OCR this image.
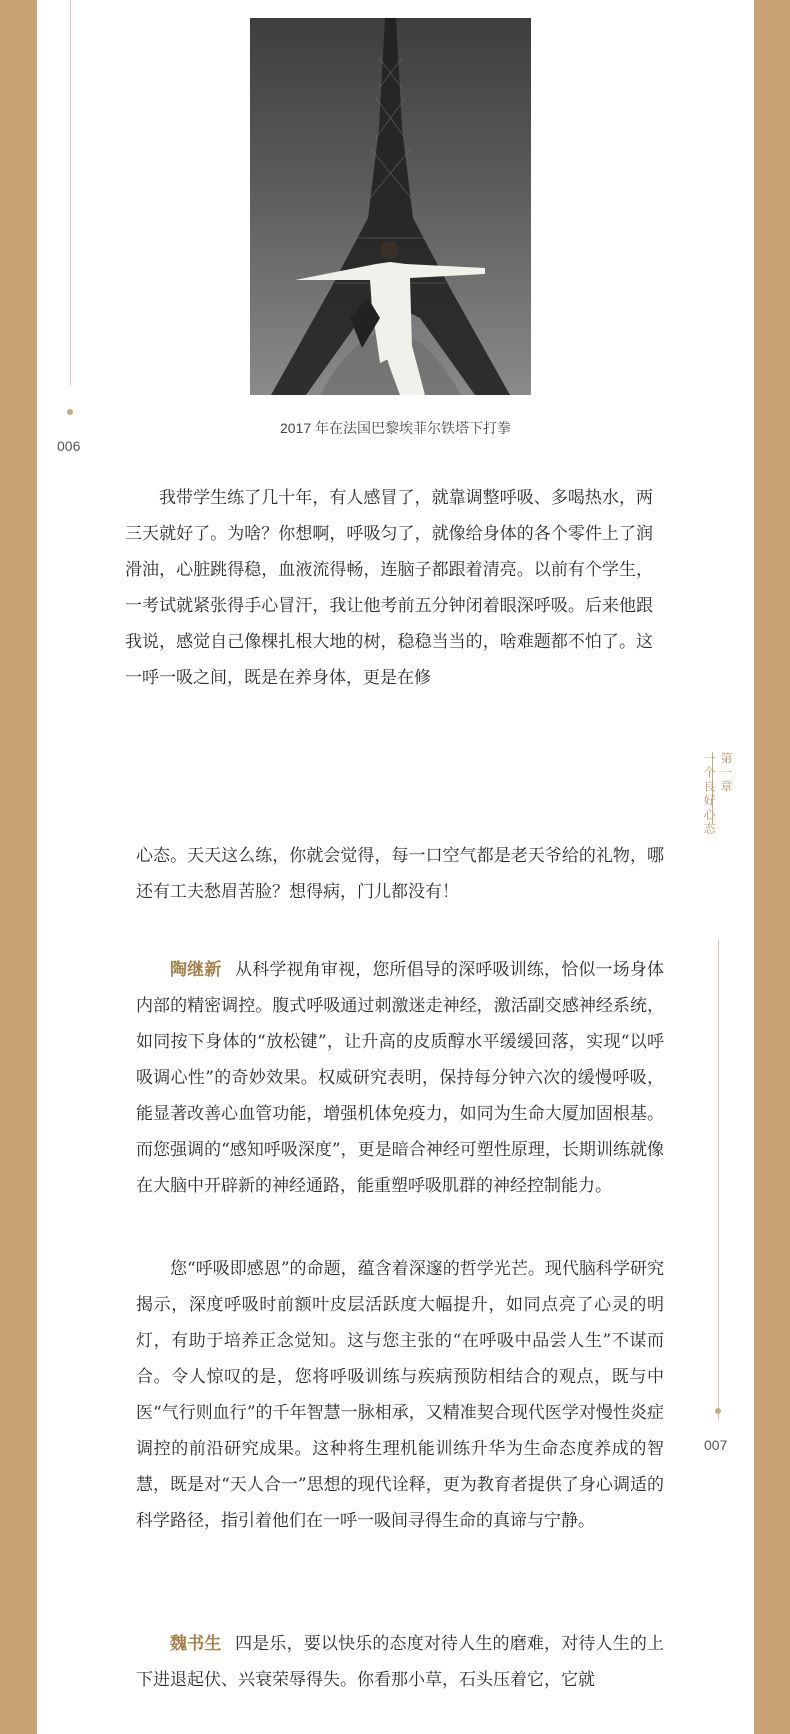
006
2017 年在法国巴黎埃菲尔铁塔下打拳

我带学生练了几十年，有人感冒了，就靠调整呼吸、多喝热水，两三天就好了。为啥？你想啊，呼吸匀了，就像给身体的各个零件上了润滑油，心脏跳得稳，血液流得畅，连脑子都跟着清亮。以前有个学生，一考试就紧张得手心冒汗，我让他考前五分钟闭着眼深呼吸。后来他跟我说，感觉自己像棵扎根大地的树，稳稳当当的，啥难题都不怕了。这一呼一吸之间，既是在养身体，更是在修

第一章
一个良好心态
007

心态。天天这么练，你就会觉得，每一口空气都是老天爷给的礼物，哪还有工夫愁眉苦脸？想得病，门儿都没有！

陶继新 从科学视角审视，您所倡导的深呼吸训练，恰似一场身体内部的精密调控。腹式呼吸通过刺激迷走神经，激活副交感神经系统，如同按下身体的“放松键”，让升高的皮质醇水平缓缓回落，实现“以呼吸调心性”的奇妙效果。权威研究表明，保持每分钟六次的缓慢呼吸，能显著改善心血管功能，增强机体免疫力，如同为生命大厦加固根基。而您强调的“感知呼吸深度”，更是暗合神经可塑性原理，长期训练就像在大脑中开辟新的神经通路，能重塑呼吸肌群的神经控制能力。

您“呼吸即感恩”的命题，蕴含着深邃的哲学光芒。现代脑科学研究揭示，深度呼吸时前额叶皮层活跃度大幅提升，如同点亮了心灵的明灯，有助于培养正念觉知。这与您主张的“在呼吸中品尝人生”不谋而合。令人惊叹的是，您将呼吸训练与疾病预防相结合的观点，既与中医“气行则血行”的千年智慧一脉相承，又精准契合现代医学对慢性炎症调控的前沿研究成果。这种将生理机能训练升华为生命态度养成的智慧，既是对“天人合一”思想的现代诠释，更为教育者提供了身心调适的科学路径，指引着他们在一呼一吸间寻得生命的真谛与宁静。

魏书生 四是乐，要以快乐的态度对待人生的磨难，对待人生的上下进退起伏、兴衰荣辱得失。你看那小草，石头压着它，它就
